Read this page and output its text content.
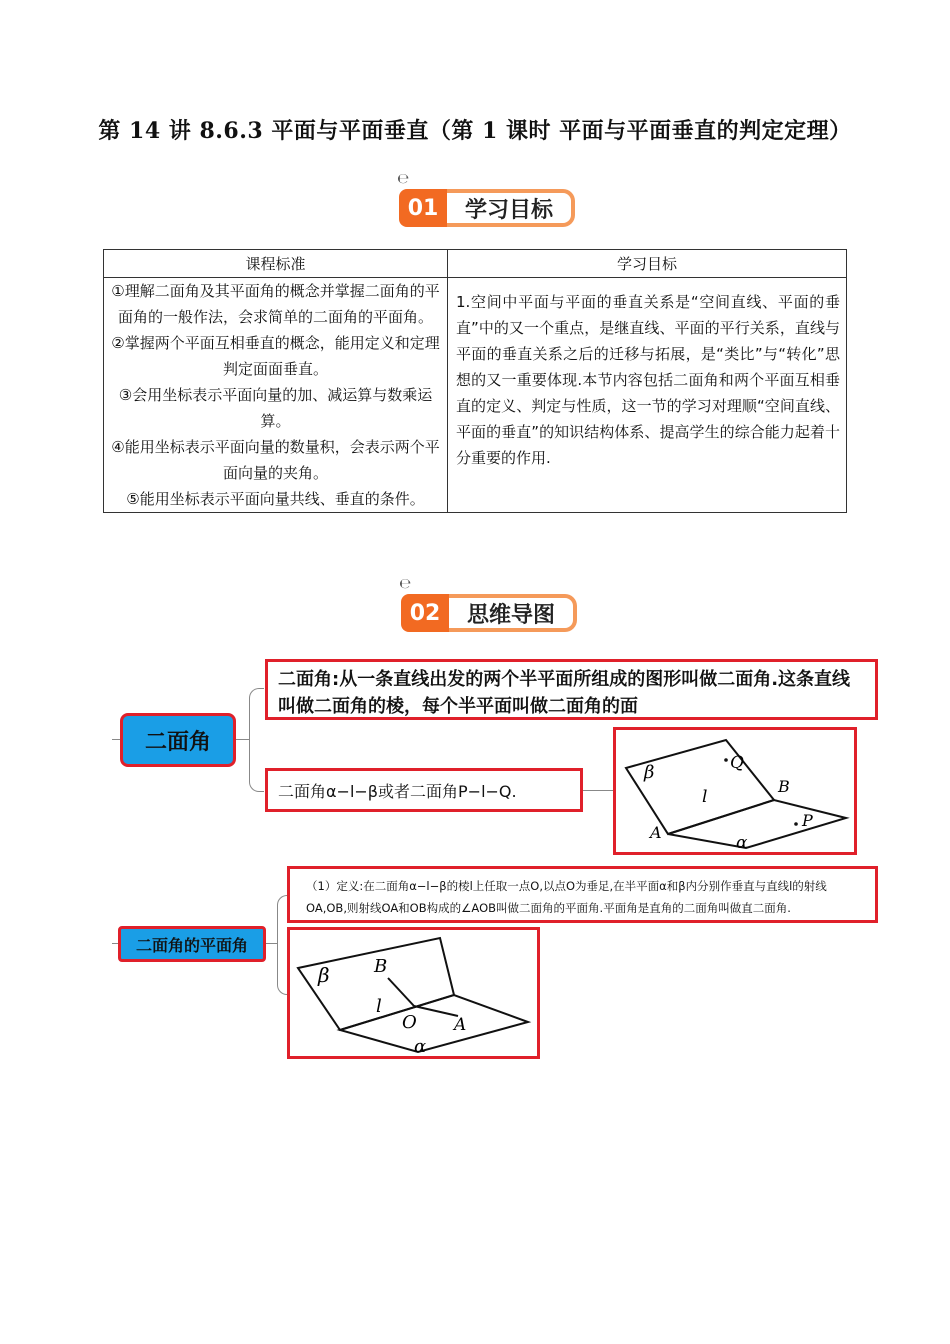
第 14 讲 8.6.3 平面与平面垂直（第 1 课时 平面与平面垂直的判定定理）
℮
01	学习目标
课程标准	学习目标

①理解二面角及其平面角的概念并掌握二面角的平面角的一般作法，会求简单的二面角的平面角。
②掌握两个平面互相垂直的概念，能用定义和定理判定面面垂直。
③会用坐标表示平面向量的加、减运算与数乘运算。
④能用坐标表示平面向量的数量积，会表示两个平面向量的夹角。
⑤能用坐标表示平面向量共线、垂直的条件。	1.空间中平面与平面的垂直关系是“空间直线、平面的垂直”中的又一个重点，是继直线、平面的平行关系，直线与平面的垂直关系之后的迁移与拓展，是“类比”与“转化”思想的又一重要体现.本节内容包括二面角和两个平面互相垂直的定义、判定与性质，这一节的学习对理顺“空间直线、平面的垂直”的知识结构体系、提高学生的综合能力起着十分重要的作用.
℮
02	思维导图
二面角
二面角:从一条直线出发的两个半平面所组成的图形叫做二面角.这条直线叫做二面角的棱，每个半平面叫做二面角的面
二面角α−l−β或者二面角P−l−Q.
β	Q
l
B
A
α
P
二面角的平面角
（1）定义:在二面角α−l−β的棱l上任取一点O,以点O为垂足,在半平面α和β内分别作垂直与直线l的射线OA,OB,则射线OA和OB构成的∠AOB叫做二面角的平面角.平面角是直角的二面角叫做直二面角.
β B
l
O A
α
